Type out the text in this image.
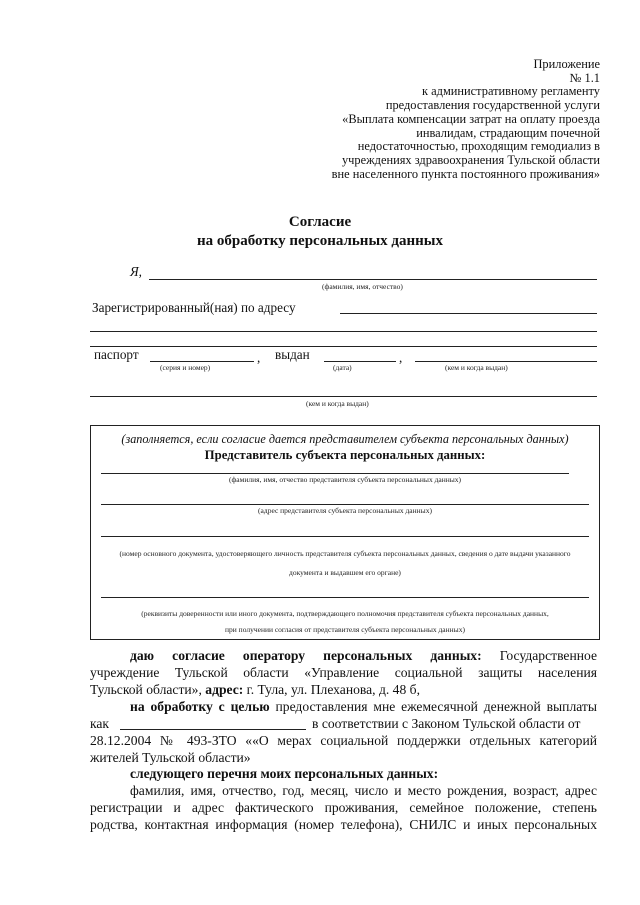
Приложение
№ 1.1
к административному регламенту
предоставления государственной услуги
«Выплата компенсации затрат на оплату проезда
инвалидам, страдающим почечной
недостаточностью, проходящим гемодиализ в
учреждениях здравоохранения Тульской области
вне населенного пункта постоянного проживания»
Согласие
на обработку персональных данных
Я,
(фамилия, имя, отчество)
Зарегистрированный(ная) по адресу
паспорт	,
(серия и номер)
выдан	,
(дата)	(кем и когда выдан)
(кем и когда выдан)
(заполняется, если согласие дается представителем субъекта персональных данных)
Представитель субъекта персональных данных:
(фамилия, имя, отчество представителя субъекта персональных данных)
(адрес представителя субъекта персональных данных)
(номер основного документа, удостоверяющего личность представителя субъекта персональных данных, сведения о дате выдачи указанного
документа и выдавшем его органе)
(реквизиты доверенности или иного документа, подтверждающего полномочия представителя субъекта персональных данных,
при получении согласия от представителя субъекта персональных данных)
даю согласие оператору персональных данных: Государственное
учреждение Тульской области «Управление социальной защиты населения
Тульской области», адрес: г. Тула, ул. Плеханова, д. 48 б,
на обработку с целью предоставления мне ежемесячной денежной выплаты
как	в соответствии с Законом Тульской области от
28.12.2004 № 493-ЗТО ««О мерах социальной поддержки отдельных категорий
жителей Тульской области»
следующего перечня моих персональных данных:
фамилия, имя, отчество, год, месяц, число и место рождения, возраст, адрес
регистрации и адрес фактического проживания, семейное положение, степень
родства, контактная информация (номер телефона), СНИЛС и иных персональных
